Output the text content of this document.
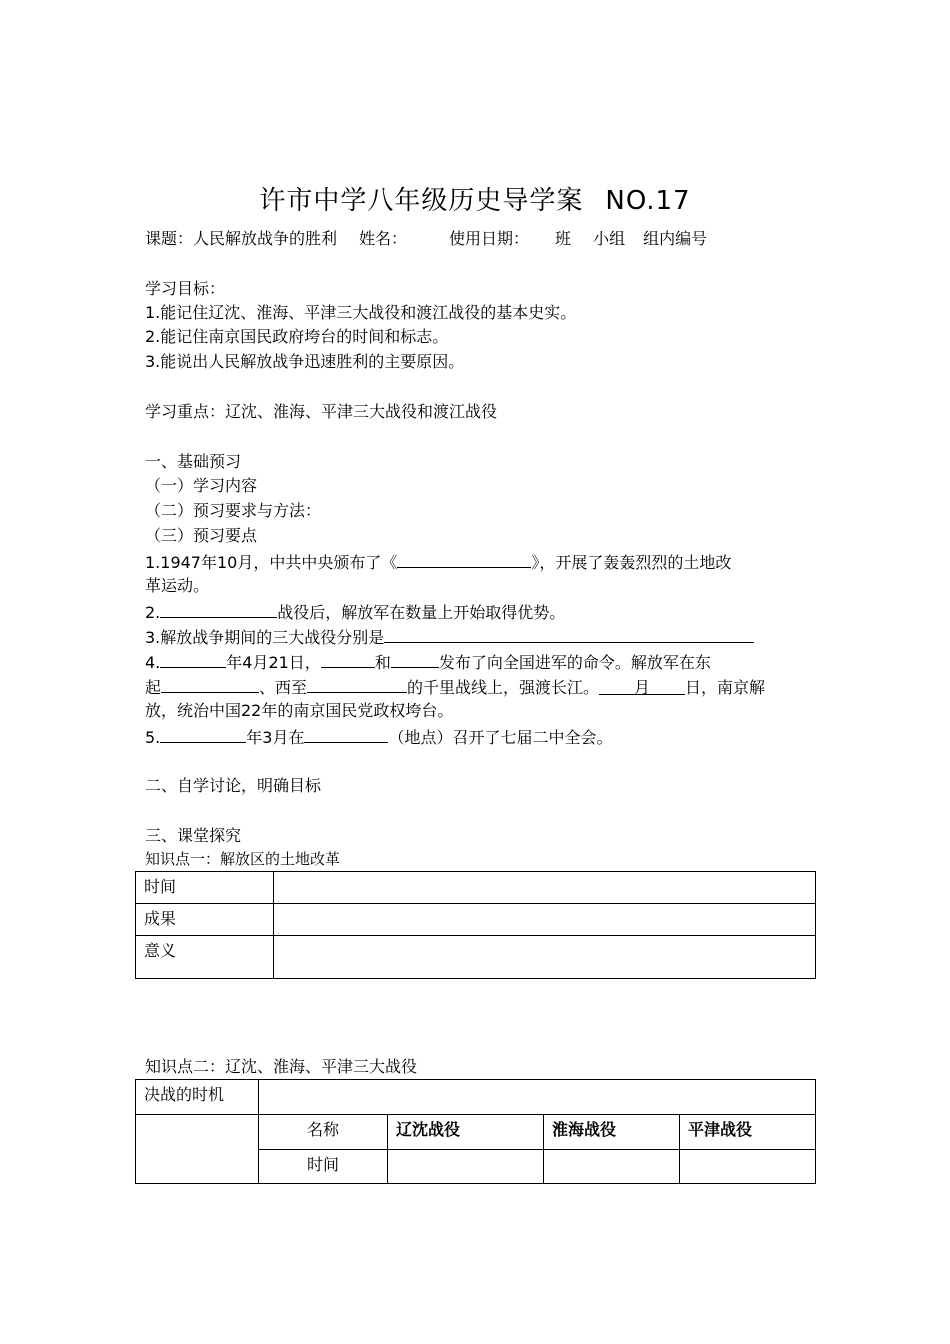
许市中学八年级历史导学案 NO.17
课题：人民解放战争的胜利 姓名：	使用日期： 班 小组 组内编号
学习目标：
1.能记住辽沈、淮海、平津三大战役和渡江战役的基本史实。
2.能记住南京国民政府垮台的时间和标志。
3.能说出人民解放战争迅速胜利的主要原因。
学习重点：辽沈、淮海、平津三大战役和渡江战役
一、基础预习
（一）学习内容
（二）预习要求与方法：
（三）预习要点
1.1947年10月，中共中央颁布了《	》，开展了轰轰烈烈的土地改
革运动。
2.	战役后，解放军在数量上开始取得优势。
3.解放战争期间的三大战役分别是
4.	年4月21日，	和	发布了向全国进军的命令。解放军在东
起	、西至	的千里战线上，强渡长江。 月 日，南京解
放，统治中国22年的南京国民党政权垮台。
5.	年3月在	（地点）召开了七届二中全会。
二、自学讨论，明确目标
三、课堂探究
知识点一：解放区的土地改革
时间	
成果	
意义	
知识点二：辽沈、淮海、平津三大战役
决战的时机				
	名称	辽沈战役	淮海战役	平津战役
	时间			
